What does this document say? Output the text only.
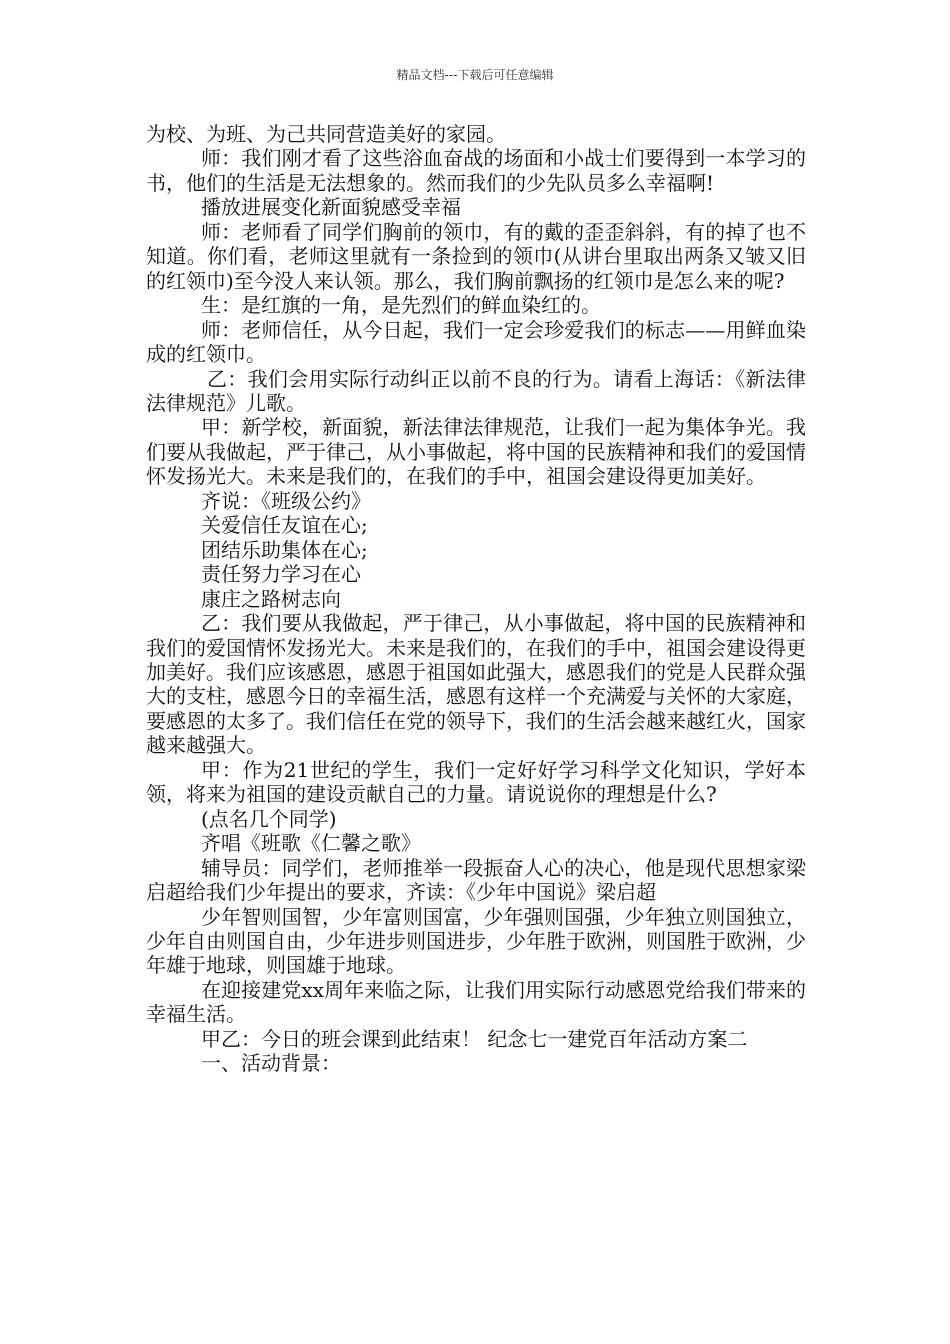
精品文档---下载后可任意编辑

为校、为班、为己共同营造美好的家园。

师：我们刚才看了这些浴血奋战的场面和小战士们要得到一本学习的书，他们的生活是无法想象的。然而我们的少先队员多么幸福啊!

播放进展变化新面貌感受幸福

师：老师看了同学们胸前的领巾，有的戴的歪歪斜斜，有的掉了也不知道。你们看，老师这里就有一条捡到的领巾(从讲台里取出两条又皱又旧的红领巾)至今没人来认领。那么，我们胸前飘扬的红领巾是怎么来的呢?

生：是红旗的一角，是先烈们的鲜血染红的。

师：老师信任，从今日起，我们一定会珍爱我们的标志——用鲜血染成的红领巾。

乙：我们会用实际行动纠正以前不良的行为。请看上海话：《新法律法律规范》儿歌。

甲：新学校，新面貌，新法律法律规范，让我们一起为集体争光。我们要从我做起，严于律己，从小事做起，将中国的民族精神和我们的爱国情怀发扬光大。未来是我们的，在我们的手中，祖国会建设得更加美好。

齐说：《班级公约》

关爱信任友谊在心;

团结乐助集体在心;

责任努力学习在心

康庄之路树志向

乙：我们要从我做起，严于律己，从小事做起，将中国的民族精神和我们的爱国情怀发扬光大。未来是我们的，在我们的手中，祖国会建设得更加美好。我们应该感恩，感恩于祖国如此强大，感恩我们的党是人民群众强大的支柱，感恩今日的幸福生活，感恩有这样一个充满爱与关怀的大家庭，要感恩的太多了。我们信任在党的领导下，我们的生活会越来越红火，国家越来越强大。

甲：作为21世纪的学生，我们一定好好学习科学文化知识，学好本领，将来为祖国的建设贡献自己的力量。请说说你的理想是什么?

(点名几个同学)

齐唱《班歌《仁馨之歌》

辅导员：同学们，老师推举一段振奋人心的决心，他是现代思想家梁启超给我们少年提出的要求，齐读：《少年中国说》梁启超

少年智则国智，少年富则国富，少年强则国强，少年独立则国独立，少年自由则国自由，少年进步则国进步，少年胜于欧洲，则国胜于欧洲，少年雄于地球，则国雄于地球。

在迎接建党xx周年来临之际，让我们用实际行动感恩党给我们带来的幸福生活。

甲乙：今日的班会课到此结束！ 纪念七一建党百年活动方案二

一、活动背景：
